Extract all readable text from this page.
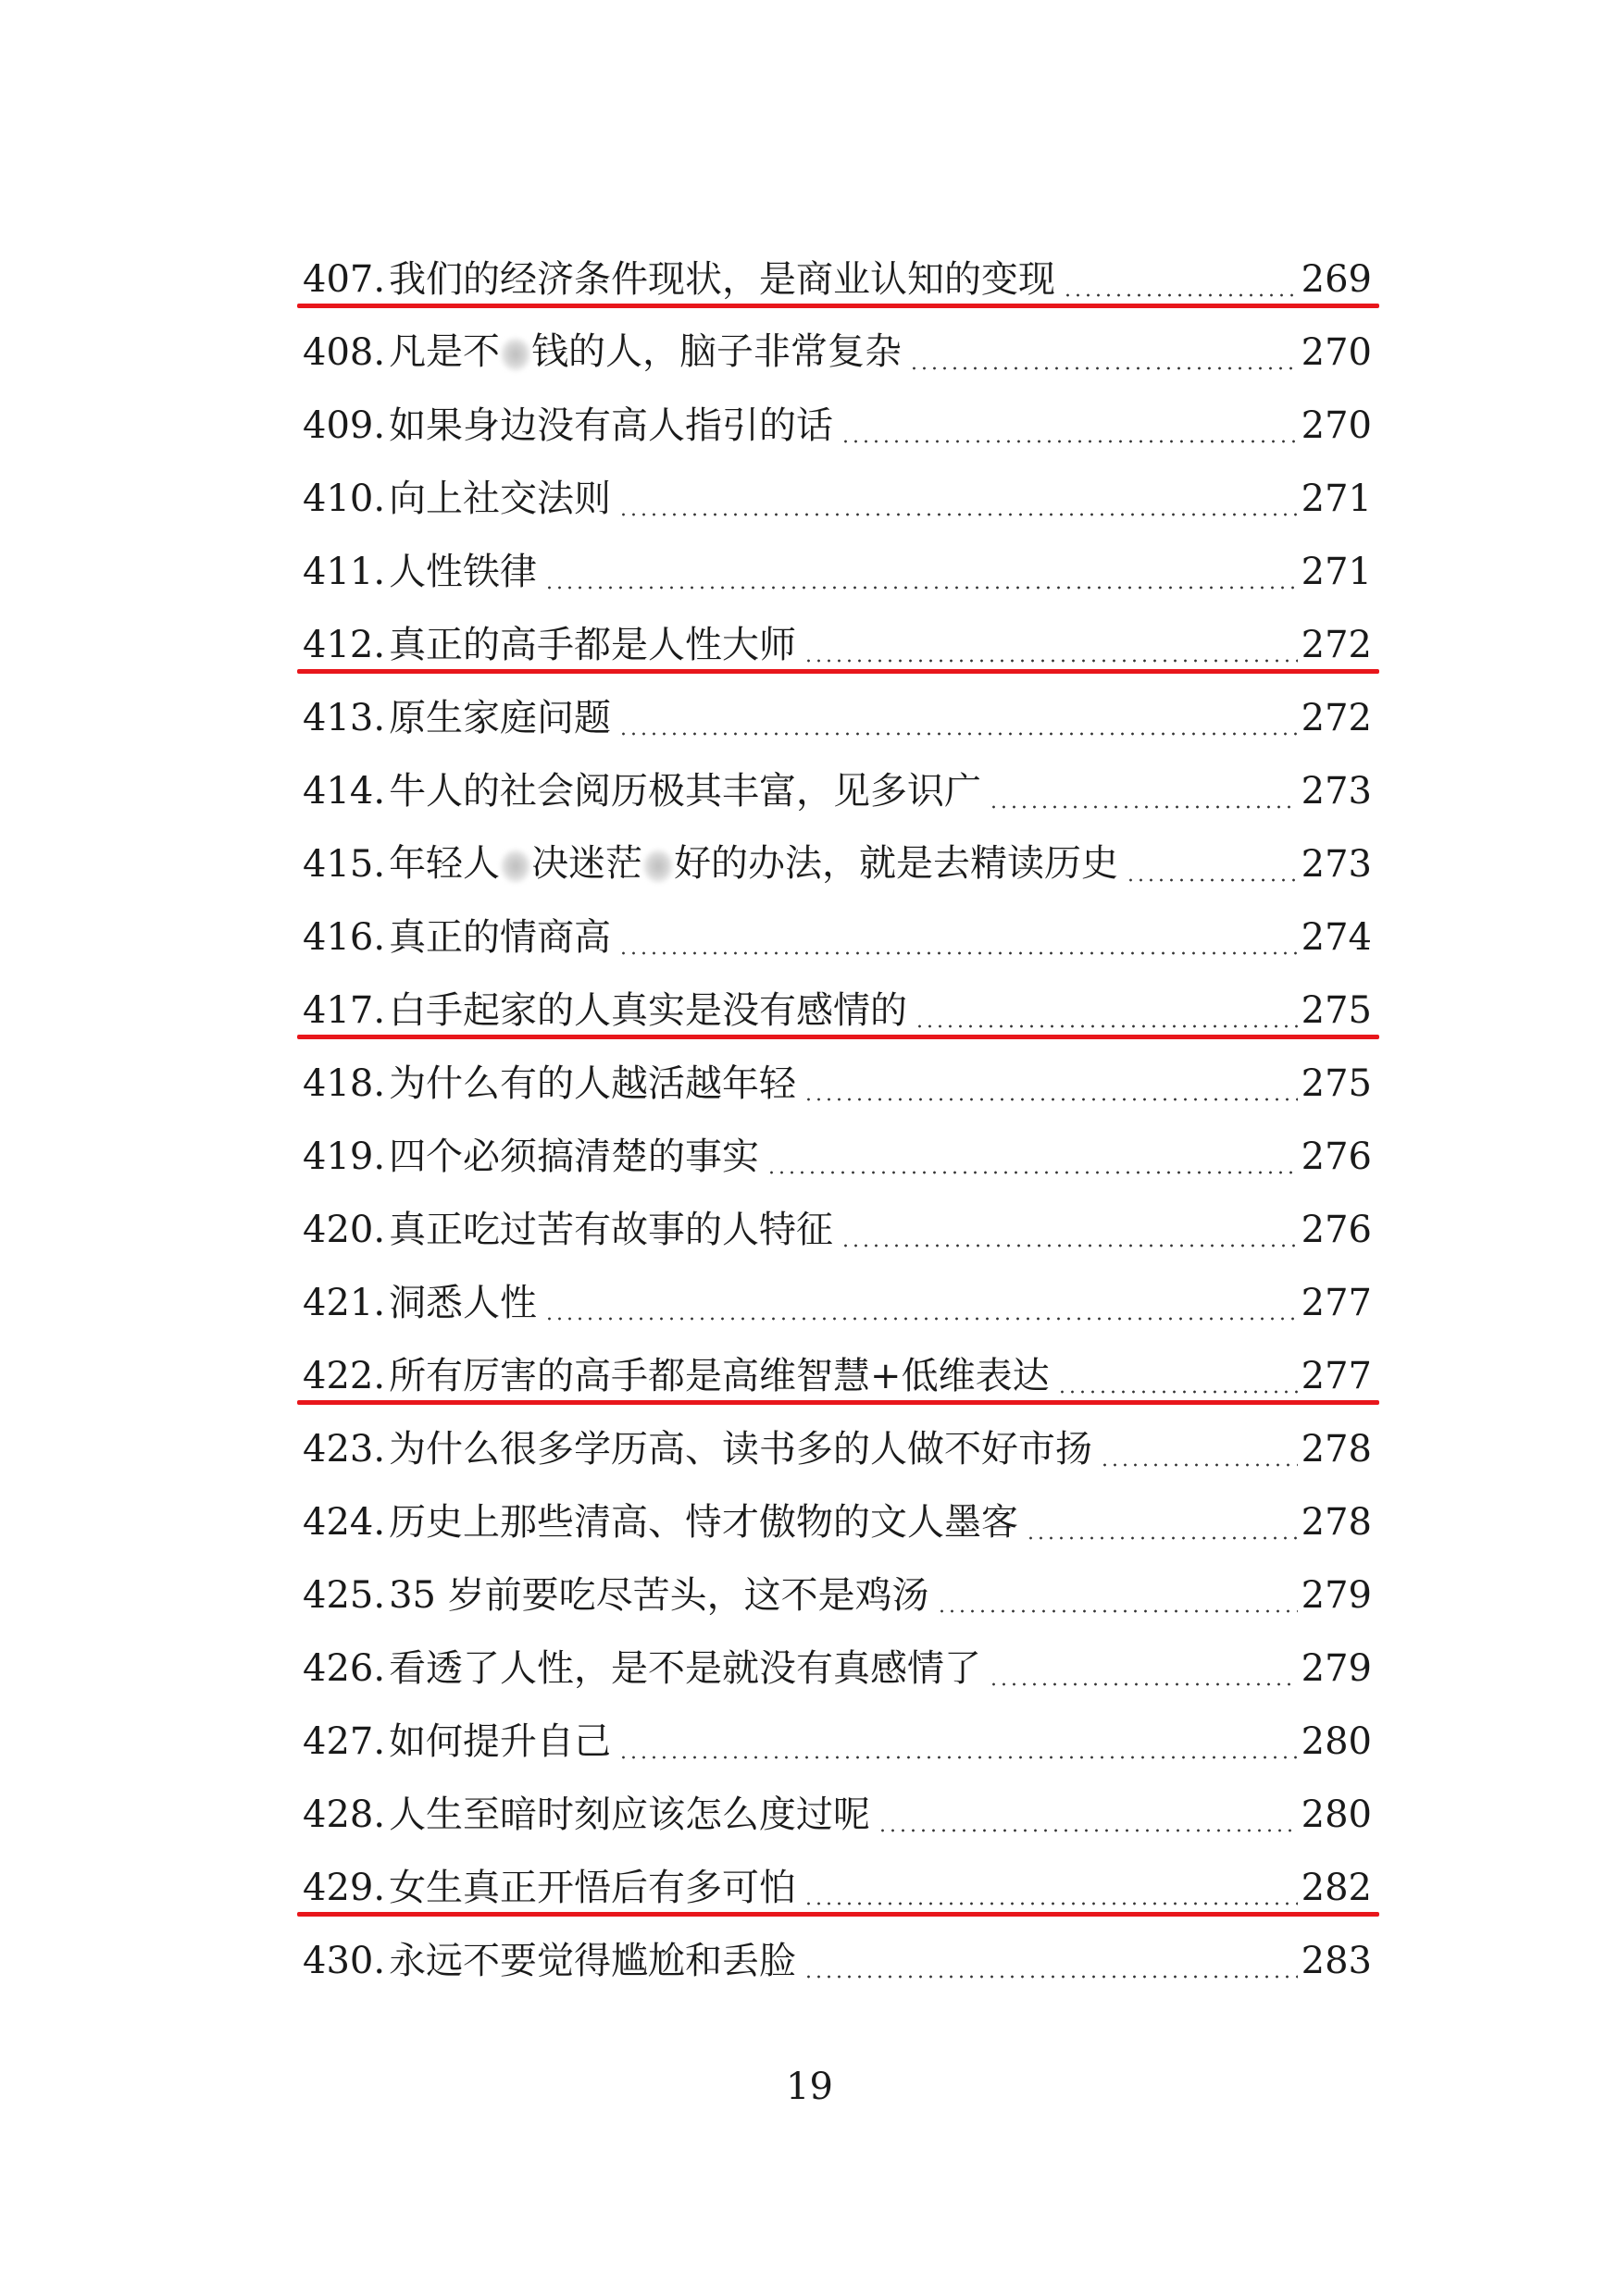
407. 我们的经济条件现状，是商业认知的变现	269
408. 凡是不 钱的人，脑子非常复杂	270
409. 如果身边没有高人指引的话	270
410. 向上社交法则	271
411. 人性铁律	271
412. 真正的高手都是人性大师	272
413. 原生家庭问题	272
414. 牛人的社会阅历极其丰富，见多识广	273
415. 年轻人 决迷茫 好的办法，就是去精读历史	273
416. 真正的情商高	274
417. 白手起家的人真实是没有感情的	275
418. 为什么有的人越活越年轻	275
419. 四个必须搞清楚的事实	276
420. 真正吃过苦有故事的人特征	276
421. 洞悉人性	277
422. 所有厉害的高手都是高维智慧+低维表达	277
423. 为什么很多学历高、读书多的人做不好市扬	278
424. 历史上那些清高、恃才傲物的文人墨客	278
425. 35 岁前要吃尽苦头，这不是鸡汤	279
426. 看透了人性，是不是就没有真感情了	279
427. 如何提升自己	280
428. 人生至暗时刻应该怎么度过呢	280
429. 女生真正开悟后有多可怕	282
430. 永远不要觉得尴尬和丢脸	283
19
